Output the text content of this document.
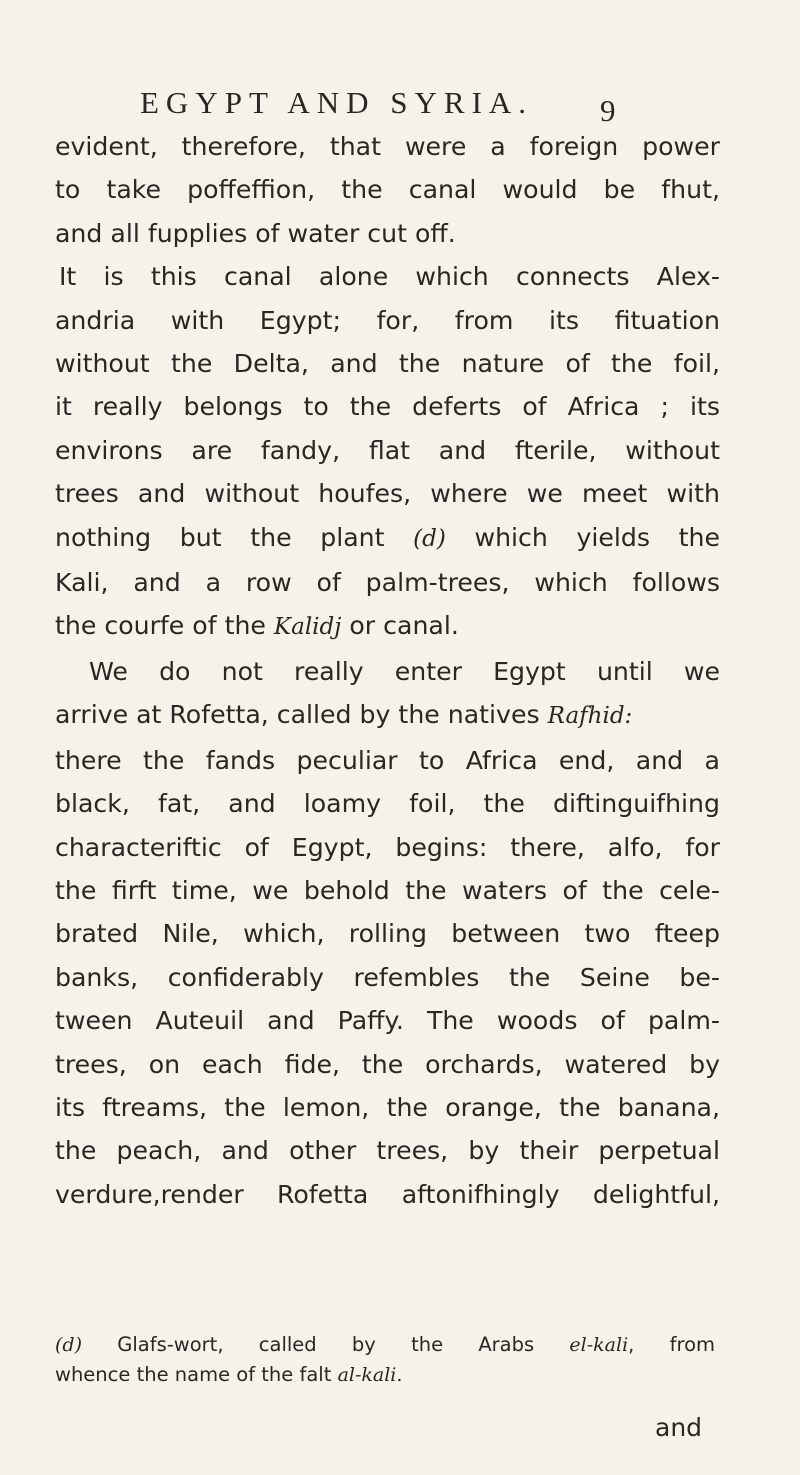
EGYPT AND SYRIA. 9
evident, therefore, that were a foreign power
to take poffeffion, the canal would be fhut,
and all fupplies of water cut off.
It is this canal alone which connects Alex-
andria with Egypt; for, from its fituation
without the Delta, and the nature of the foil,
it really belongs to the deferts of Africa ; its
environs are fandy, flat and fterile, without
trees and without houfes, where we meet with
nothing but the plant (d) which yields the
Kali, and a row of palm-trees, which follows
the courfe of the Kalidj or canal.
We do not really enter Egypt until we
arrive at Rofetta, called by the natives Rafhid:
there the fands peculiar to Africa end, and a
black, fat, and loamy foil, the diftinguifhing
characteriftic of Egypt, begins: there, alfo, for
the firft time, we behold the waters of the cele-
brated Nile, which, rolling between two fteep
banks, confiderably refembles the Seine be-
tween Auteuil and Paffy. The woods of palm-
trees, on each fide, the orchards, watered by
its ftreams, the lemon, the orange, the banana,
the peach, and other trees, by their perpetual
verdure,render Rofetta aftonifhingly delightful,
(d) Glafs-wort, called by the Arabs el-kali, from
whence the name of the falt al-kali.
and
